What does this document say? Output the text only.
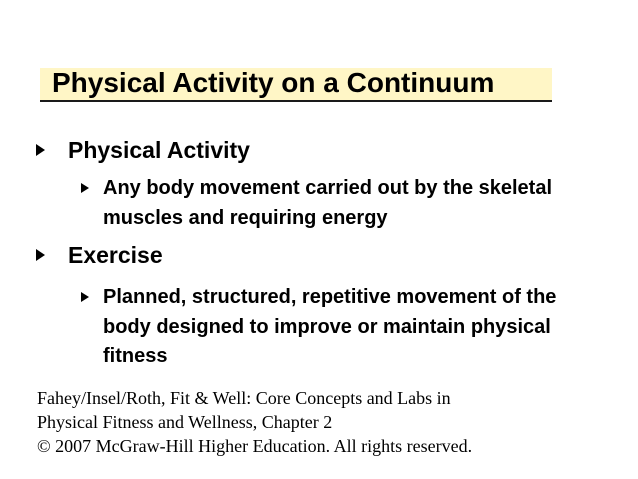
Physical Activity on a Continuum
Physical Activity
Any body movement carried out by the skeletal muscles and requiring energy
Exercise
Planned, structured, repetitive movement of the body designed to improve or maintain physical fitness
Fahey/Insel/Roth, Fit & Well: Core Concepts and Labs in
Physical Fitness and Wellness, Chapter 2
© 2007 McGraw-Hill Higher Education. All rights reserved.
